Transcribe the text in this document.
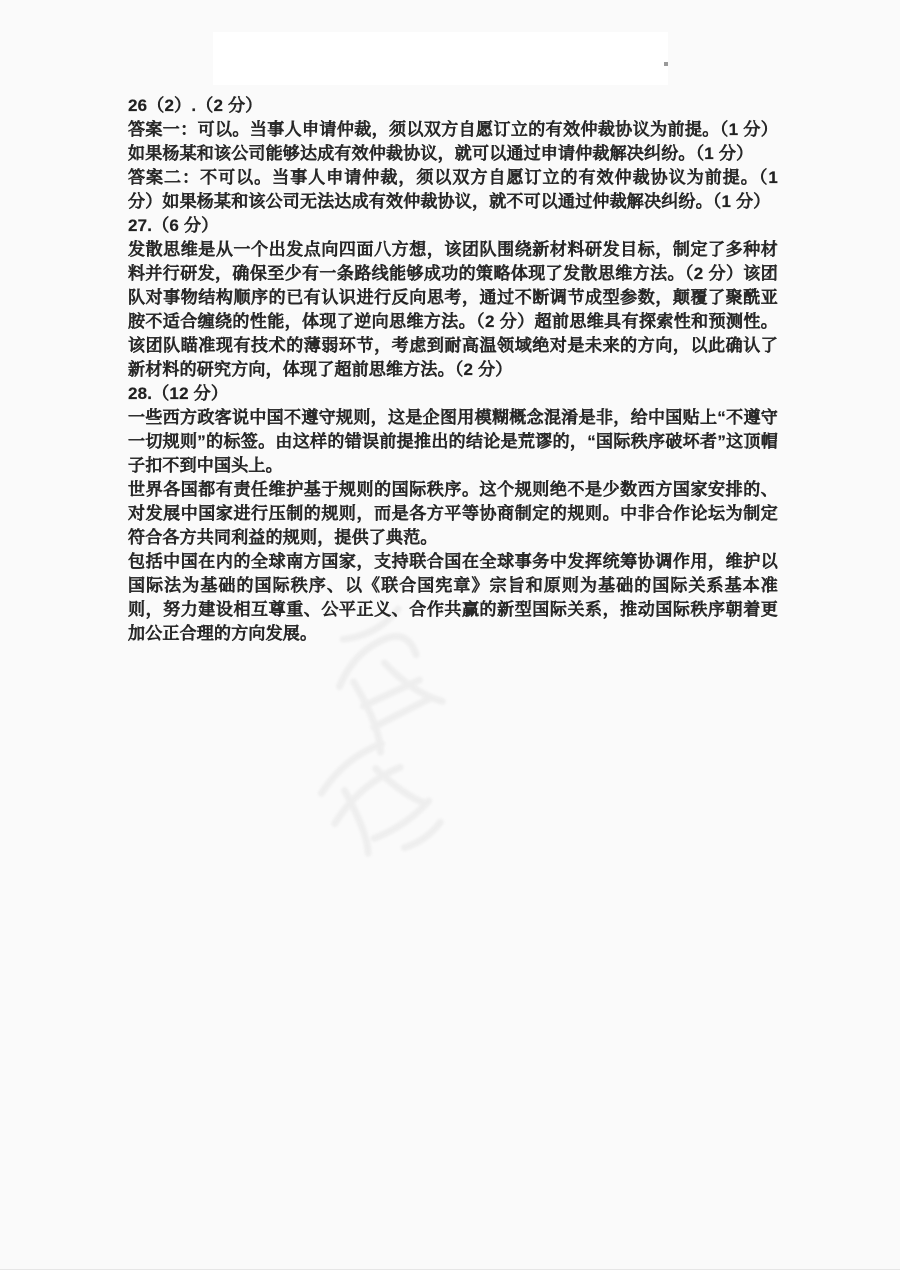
26（2）.（2 分）
答案一：可以。当事人申请仲裁，须以双方自愿订立的有效仲裁协议为前提。（1 分）如果杨某和该公司能够达成有效仲裁协议，就可以通过申请仲裁解决纠纷。（1 分）
答案二：不可以。当事人申请仲裁，须以双方自愿订立的有效仲裁协议为前提。（1 分）如果杨某和该公司无法达成有效仲裁协议，就不可以通过仲裁解决纠纷。（1 分）
27.（6 分）
发散思维是从一个出发点向四面八方想，该团队围绕新材料研发目标，制定了多种材料并行研发，确保至少有一条路线能够成功的策略体现了发散思维方法。（2 分）该团队对事物结构顺序的已有认识进行反向思考，通过不断调节成型参数，颠覆了聚酰亚胺不适合缠绕的性能，体现了逆向思维方法。（2 分）超前思维具有探索性和预测性。该团队瞄准现有技术的薄弱环节，考虑到耐高温领域绝对是未来的方向，以此确认了新材料的研究方向，体现了超前思维方法。（2 分）
28.（12 分）
一些西方政客说中国不遵守规则，这是企图用模糊概念混淆是非，给中国贴上“不遵守一切规则”的标签。由这样的错误前提推出的结论是荒谬的，“国际秩序破坏者”这顶帽子扣不到中国头上。
世界各国都有责任维护基于规则的国际秩序。这个规则绝不是少数西方国家安排的、对发展中国家进行压制的规则，而是各方平等协商制定的规则。中非合作论坛为制定符合各方共同利益的规则，提供了典范。
包括中国在内的全球南方国家，支持联合国在全球事务中发挥统筹协调作用，维护以国际法为基础的国际秩序、以《联合国宪章》宗旨和原则为基础的国际关系基本准则，努力建设相互尊重、公平正义、合作共赢的新型国际关系，推动国际秩序朝着更加公正合理的方向发展。
